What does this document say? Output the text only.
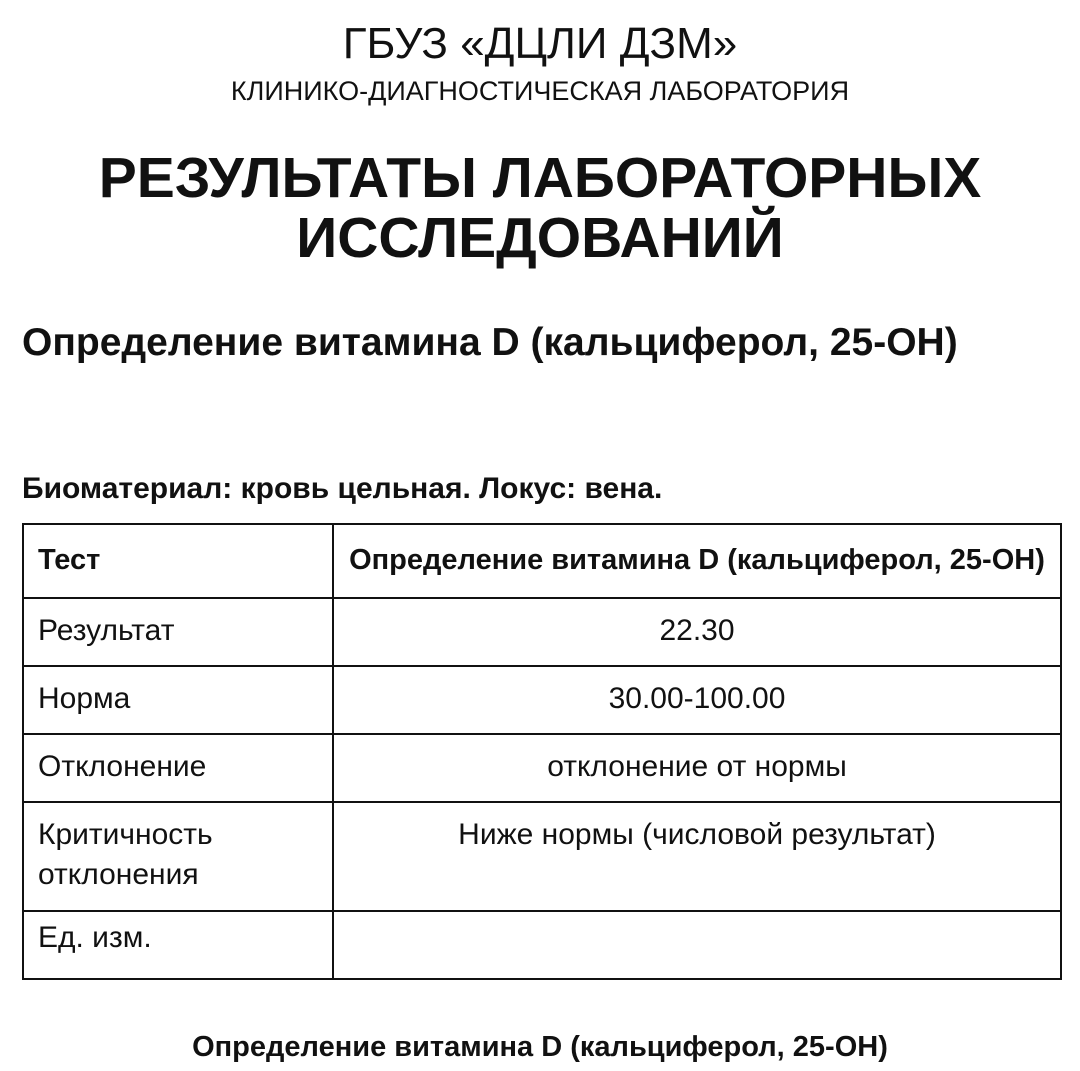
ГБУЗ «ДЦЛИ ДЗМ»
КЛИНИКО-ДИАГНОСТИЧЕСКАЯ ЛАБОРАТОРИЯ
РЕЗУЛЬТАТЫ ЛАБОРАТОРНЫХ ИССЛЕДОВАНИЙ
Определение витамина D (кальциферол, 25-OH)
Биоматериал: кровь цельная. Локус: вена.
Тест	Определение витамина D (кальциферол, 25-OH)
Результат	22.30
Норма	30.00-100.00
Отклонение	отклонение от нормы
Критичность отклонения	Ниже нормы (числовой результат)
Ед. изм.	
Определение витамина D (кальциферол, 25-OH)
